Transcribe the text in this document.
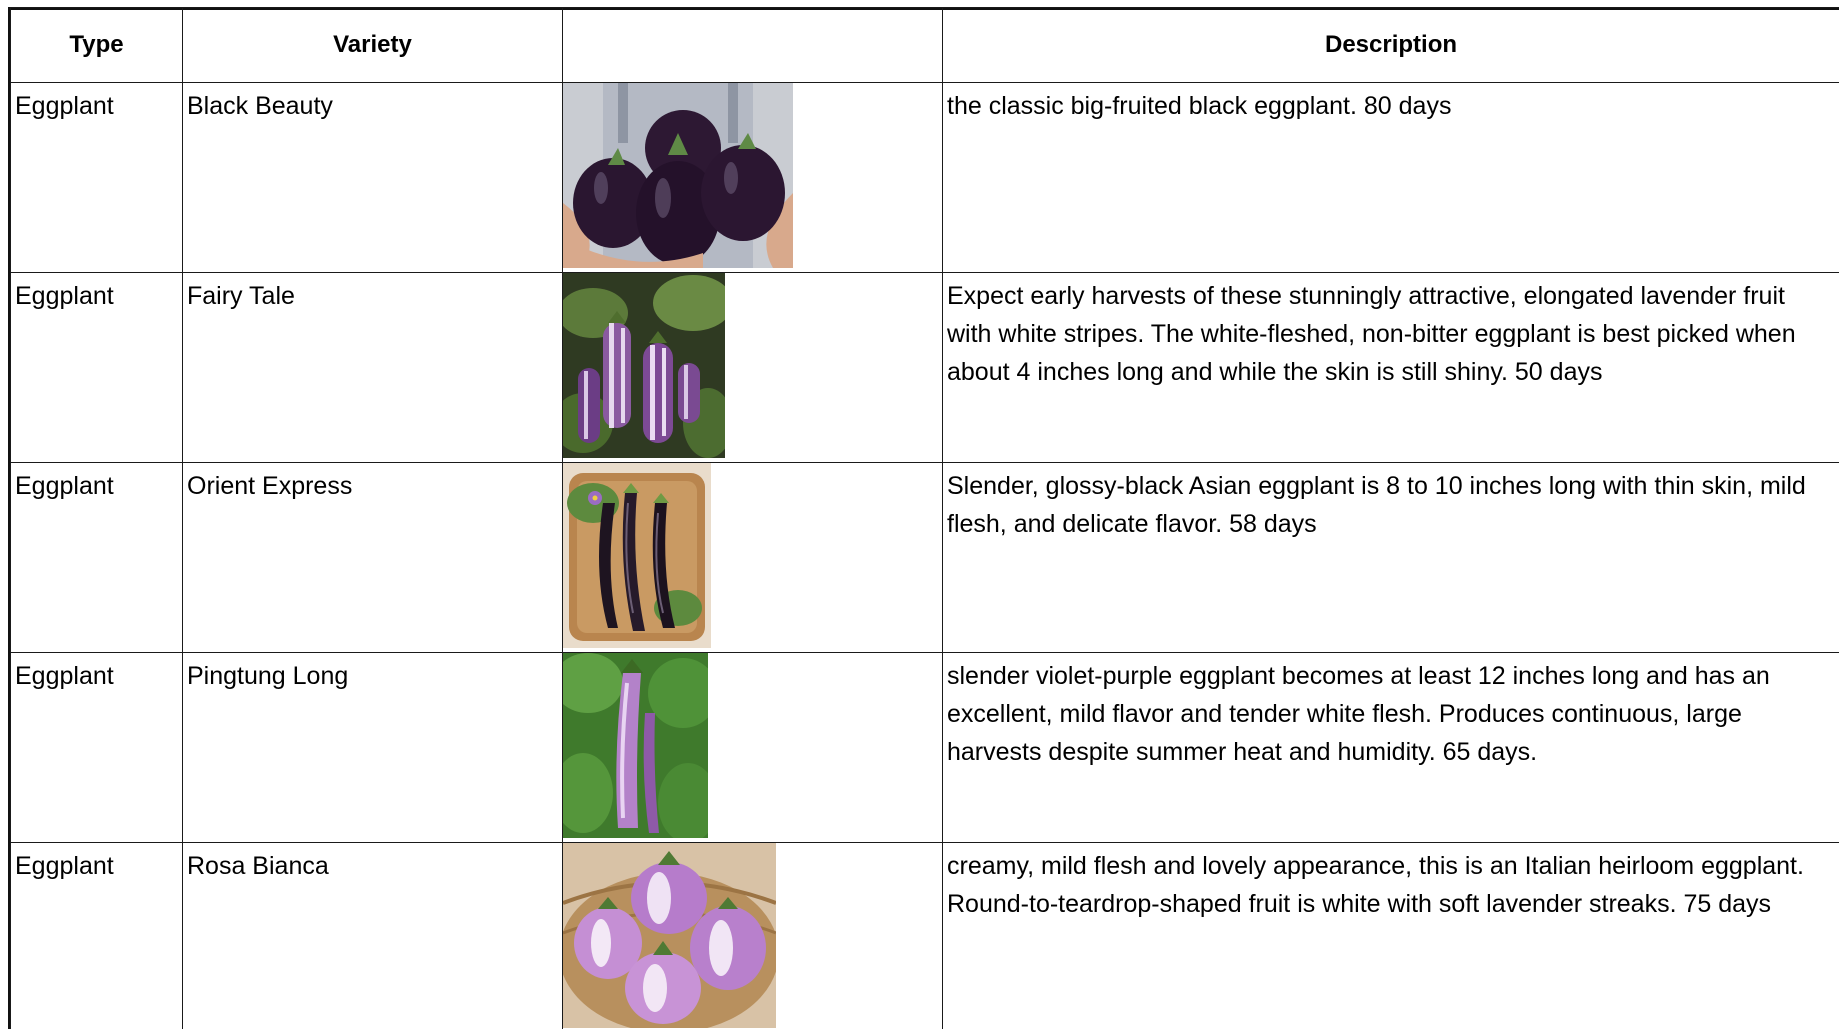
Type	Variety		Description
Eggplant	Black Beauty		the classic big-fruited black eggplant. 80 days
Eggplant	Fairy Tale		Expect early harvests of these stunningly attractive, elongated lavender fruit with white stripes. The white-fleshed, non-bitter eggplant is best picked when about 4 inches long and while the skin is still shiny. 50 days
Eggplant	Orient Express		Slender, glossy-black Asian eggplant is 8 to 10 inches long with thin skin, mild flesh, and delicate flavor. 58 days
Eggplant	Pingtung Long		slender violet-purple eggplant becomes at least 12 inches long and has an excellent, mild flavor and tender white flesh. Produces continuous, large harvests despite summer heat and humidity. 65 days.
Eggplant	Rosa Bianca		creamy, mild flesh and lovely appearance, this is an Italian heirloom eggplant. Round-to-teardrop-shaped fruit is white with soft lavender streaks. 75 days
